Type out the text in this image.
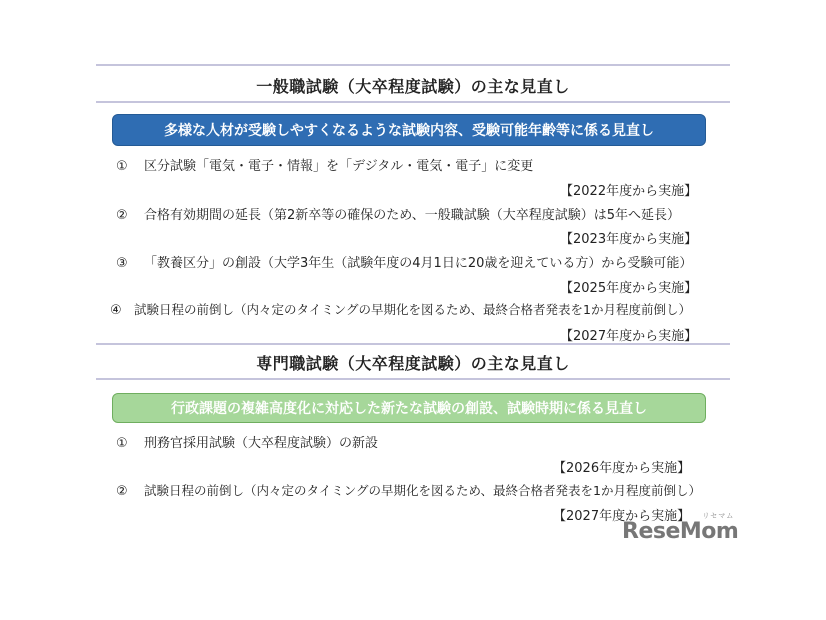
一般職試験（大卒程度試験）の主な見直し
多様な人材が受験しやすくなるような試験内容、受験可能年齢等に係る見直し
① 区分試験「電気・電子・情報」を「デジタル・電気・電子」に変更
【2022年度から実施】
② 合格有効期間の延長（第2新卒等の確保のため、一般職試験（大卒程度試験）は5年へ延長）
【2023年度から実施】
③ 「教養区分」の創設（大学3年生（試験年度の4月1日に20歳を迎えている方）から受験可能）
【2025年度から実施】
④ 試験日程の前倒し（内々定のタイミングの早期化を図るため、最終合格者発表を1か月程度前倒し）
【2027年度から実施】
専門職試験（大卒程度試験）の主な見直し
行政課題の複雑高度化に対応した新たな試験の創設、試験時期に係る見直し
① 刑務官採用試験（大卒程度試験）の新設
【2026年度から実施】
② 試験日程の前倒し（内々定のタイミングの早期化を図るため、最終合格者発表を1か月程度前倒し）
【2027年度から実施】 リセマム
ReseMom
